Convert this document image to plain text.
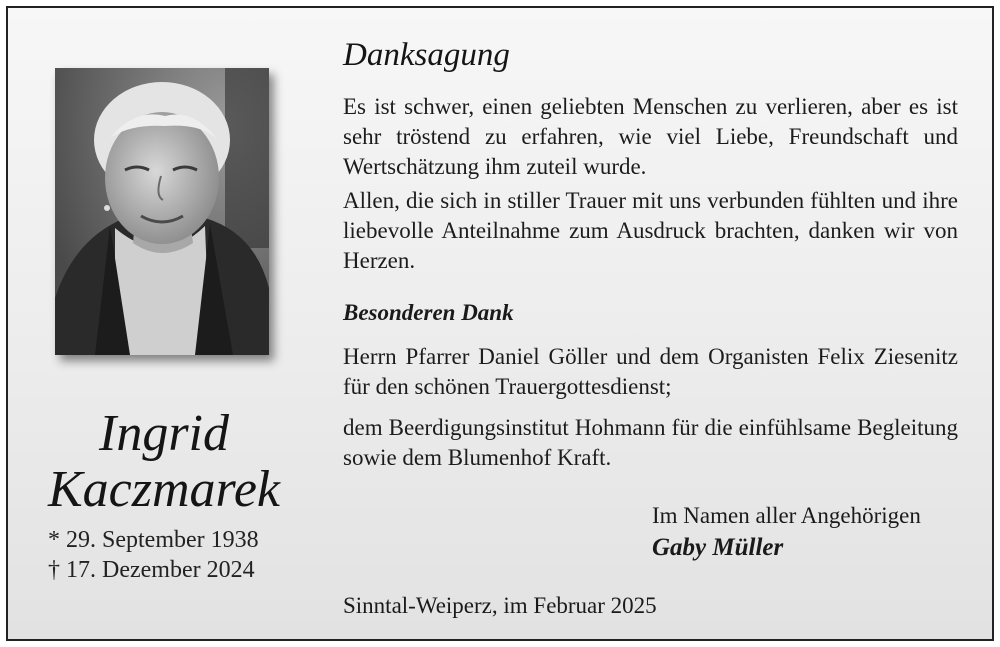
Ingrid
Kaczmarek
* 29. September 1938
† 17. Dezember 2024
Danksagung
Es ist schwer, einen geliebten Menschen zu verlieren, aber es ist sehr tröstend zu erfahren, wie viel Liebe, Freundschaft und Wertschätzung ihm zuteil wurde.
Allen, die sich in stiller Trauer mit uns verbunden fühlten und ihre liebevolle Anteilnahme zum Ausdruck brachten, danken wir von Herzen.
Besonderen Dank
Herrn Pfarrer Daniel Göller und dem Organisten Felix Ziesenitz für den schönen Trauergottesdienst;
dem Beerdigungsinstitut Hohmann für die einfühlsame Begleitung sowie dem Blumenhof Kraft.
Im Namen aller Angehörigen
Gaby Müller
Sinntal-Weiperz, im Februar 2025
